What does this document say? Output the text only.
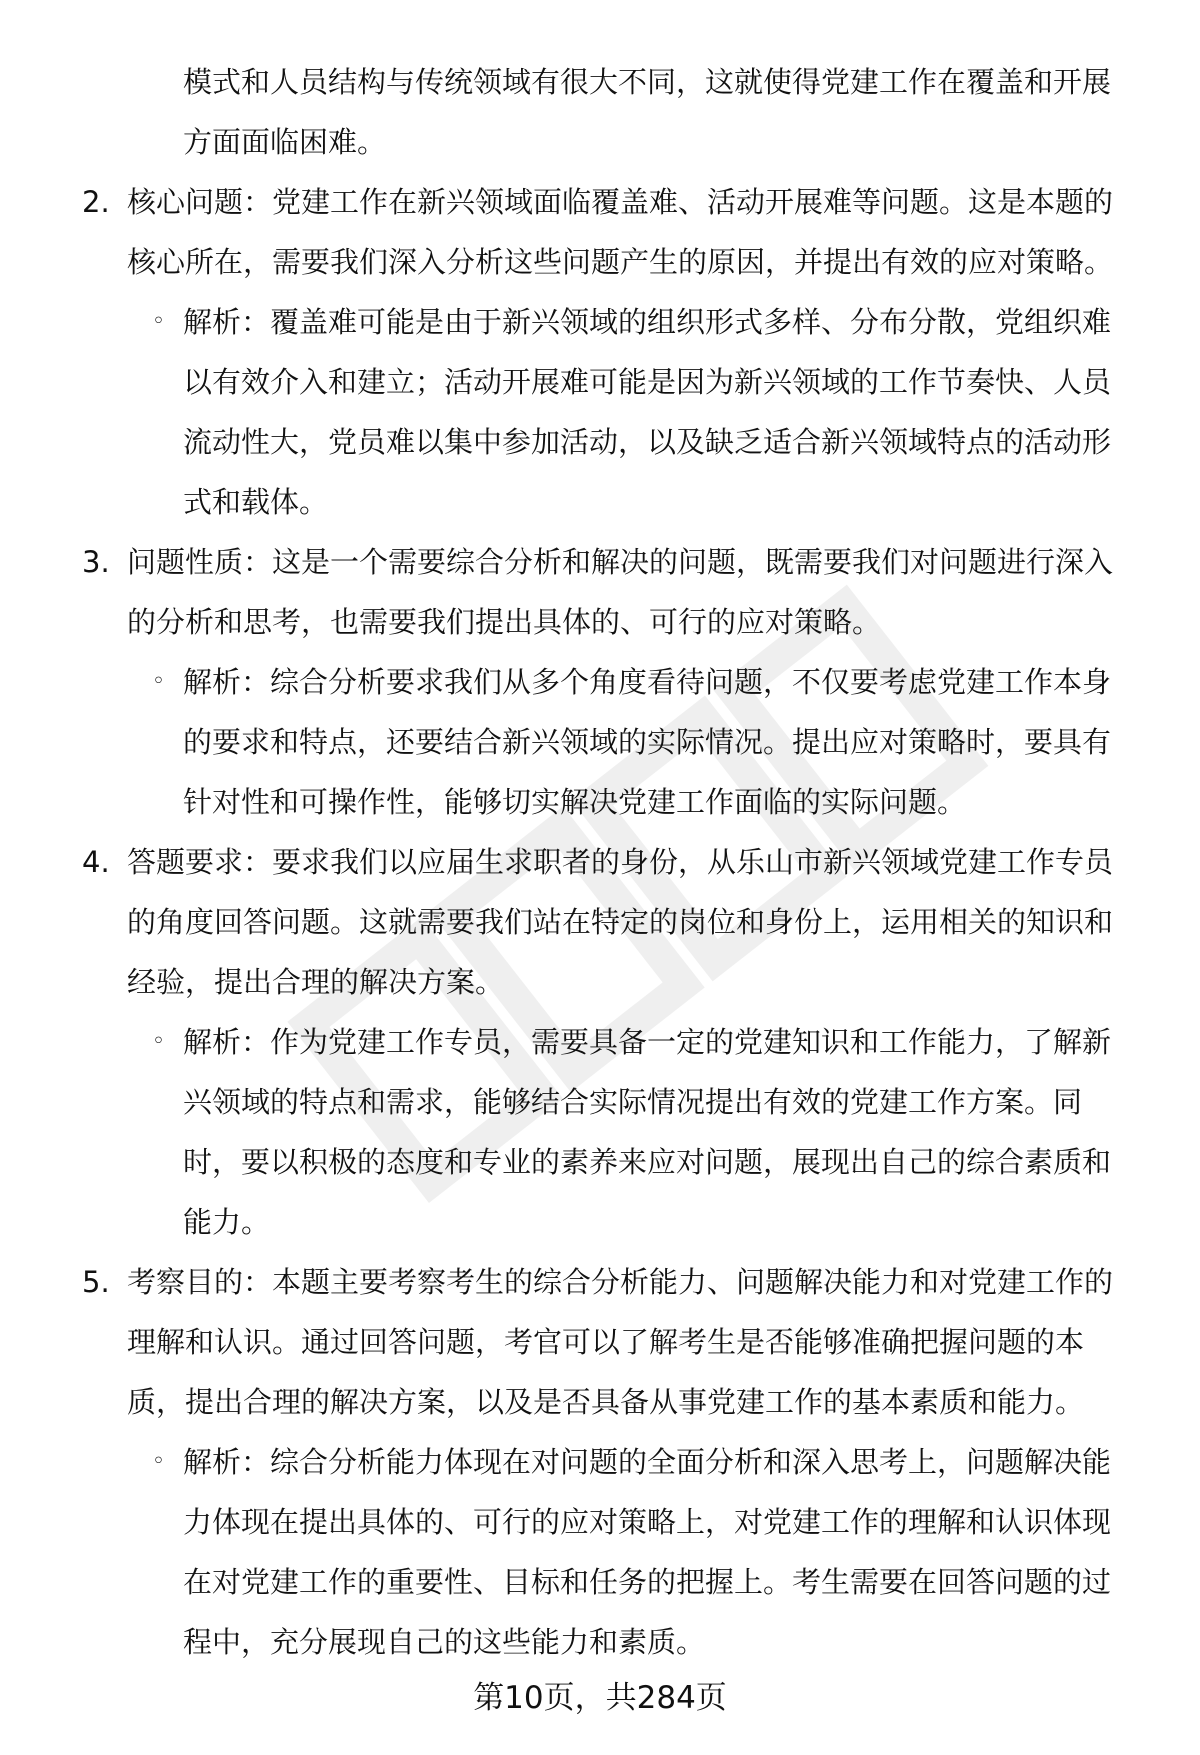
模式和人员结构与传统领域有很大不同，这就使得党建工作在覆盖和开展
方面面临困难。
2. 核心问题：党建工作在新兴领域面临覆盖难、活动开展难等问题。这是本题的
核心所在，需要我们深入分析这些问题产生的原因，并提出有效的应对策略。
◦ 解析：覆盖难可能是由于新兴领域的组织形式多样、分布分散，党组织难
以有效介入和建立；活动开展难可能是因为新兴领域的工作节奏快、人员
流动性大，党员难以集中参加活动，以及缺乏适合新兴领域特点的活动形
式和载体。
3. 问题性质：这是一个需要综合分析和解决的问题，既需要我们对问题进行深入
的分析和思考，也需要我们提出具体的、可行的应对策略。
◦ 解析：综合分析要求我们从多个角度看待问题，不仅要考虑党建工作本身
的要求和特点，还要结合新兴领域的实际情况。提出应对策略时，要具有
针对性和可操作性，能够切实解决党建工作面临的实际问题。
4. 答题要求：要求我们以应届生求职者的身份，从乐山市新兴领域党建工作专员
的角度回答问题。这就需要我们站在特定的岗位和身份上，运用相关的知识和
经验，提出合理的解决方案。
◦ 解析：作为党建工作专员，需要具备一定的党建知识和工作能力，了解新
兴领域的特点和需求，能够结合实际情况提出有效的党建工作方案。同
时，要以积极的态度和专业的素养来应对问题，展现出自己的综合素质和
能力。
5. 考察目的：本题主要考察考生的综合分析能力、问题解决能力和对党建工作的
理解和认识。通过回答问题，考官可以了解考生是否能够准确把握问题的本
质，提出合理的解决方案，以及是否具备从事党建工作的基本素质和能力。
◦ 解析：综合分析能力体现在对问题的全面分析和深入思考上，问题解决能
力体现在提出具体的、可行的应对策略上，对党建工作的理解和认识体现
在对党建工作的重要性、目标和任务的把握上。考生需要在回答问题的过
程中，充分展现自己的这些能力和素质。
第10页，共284页
